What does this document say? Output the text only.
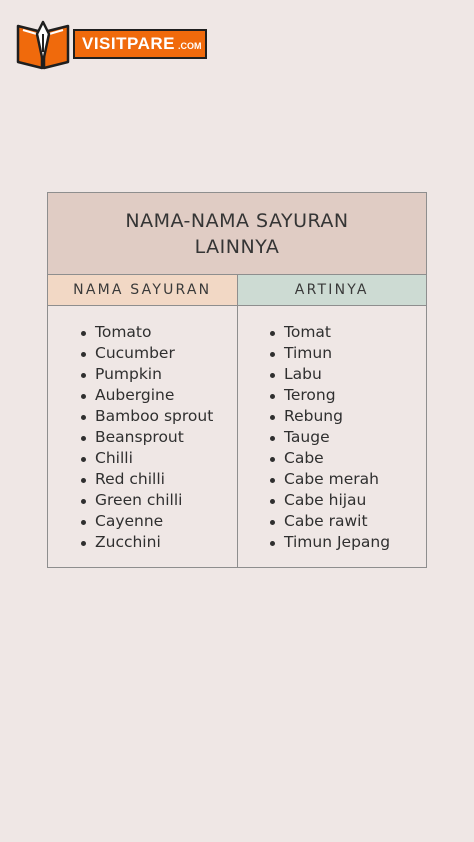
VISITPARE .COM
NAMA-NAMA SAYURAN
LAINNYA
NAMA SAYURAN	ARTINYA
Tomato
Cucumber
Pumpkin
Aubergine
Bamboo sprout
Beansprout
Chilli
Red chilli
Green chilli
Cayenne
Zucchini
Tomat
Timun
Labu
Terong
Rebung
Tauge
Cabe
Cabe merah
Cabe hijau
Cabe rawit
Timun Jepang
